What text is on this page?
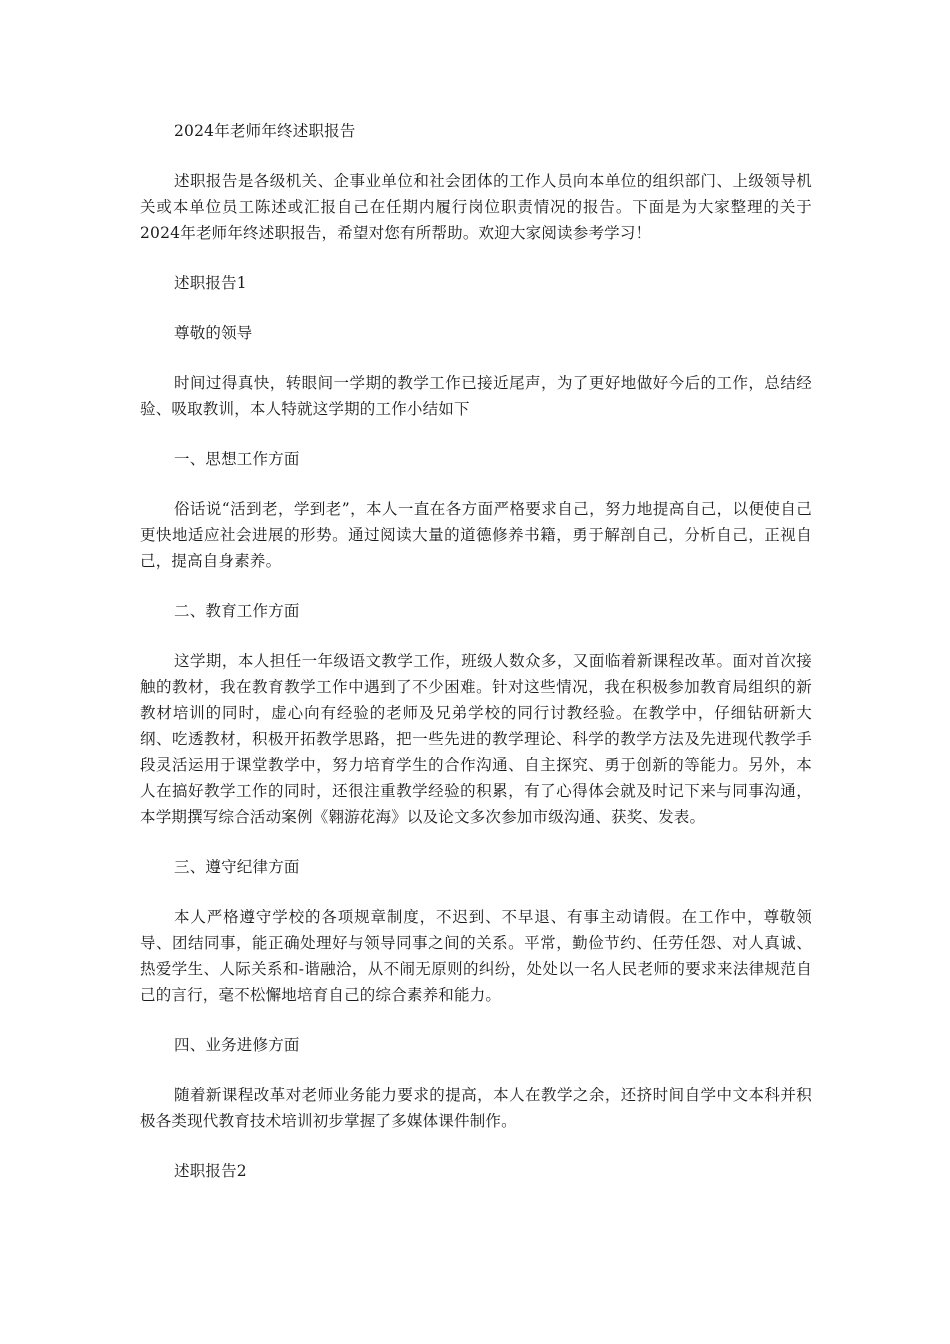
2024年老师年终述职报告

述职报告是各级机关、企事业单位和社会团体的工作人员向本单位的组织部门、上级领导机关或本单位员工陈述或汇报自己在任期内履行岗位职责情况的报告。下面是为大家整理的关于2024年老师年终述职报告，希望对您有所帮助。欢迎大家阅读参考学习！

述职报告1

尊敬的领导

时间过得真快，转眼间一学期的教学工作已接近尾声，为了更好地做好今后的工作，总结经验、吸取教训，本人特就这学期的工作小结如下

一、思想工作方面

俗话说“活到老，学到老”，本人一直在各方面严格要求自己，努力地提高自己，以便使自己更快地适应社会进展的形势。通过阅读大量的道德修养书籍，勇于解剖自己，分析自己，正视自己，提高自身素养。

二、教育工作方面

这学期，本人担任一年级语文教学工作，班级人数众多，又面临着新课程改革。面对首次接触的教材，我在教育教学工作中遇到了不少困难。针对这些情况，我在积极参加教育局组织的新教材培训的同时，虚心向有经验的老师及兄弟学校的同行讨教经验。在教学中，仔细钻研新大纲、吃透教材，积极开拓教学思路，把一些先进的教学理论、科学的教学方法及先进现代教学手段灵活运用于课堂教学中，努力培育学生的合作沟通、自主探究、勇于创新的等能力。另外，本人在搞好教学工作的同时，还很注重教学经验的积累，有了心得体会就及时记下来与同事沟通，本学期撰写综合活动案例《翱游花海》以及论文多次参加市级沟通、获奖、发表。

三、遵守纪律方面

本人严格遵守学校的各项规章制度，不迟到、不早退、有事主动请假。在工作中，尊敬领导、团结同事，能正确处理好与领导同事之间的关系。平常，勤俭节约、任劳任怨、对人真诚、热爱学生、人际关系和-谐融洽，从不闹无原则的纠纷，处处以一名人民老师的要求来法律规范自己的言行，毫不松懈地培育自己的综合素养和能力。

四、业务进修方面

随着新课程改革对老师业务能力要求的提高，本人在教学之余，还挤时间自学中文本科并积极各类现代教育技术培训初步掌握了多媒体课件制作。

述职报告2
